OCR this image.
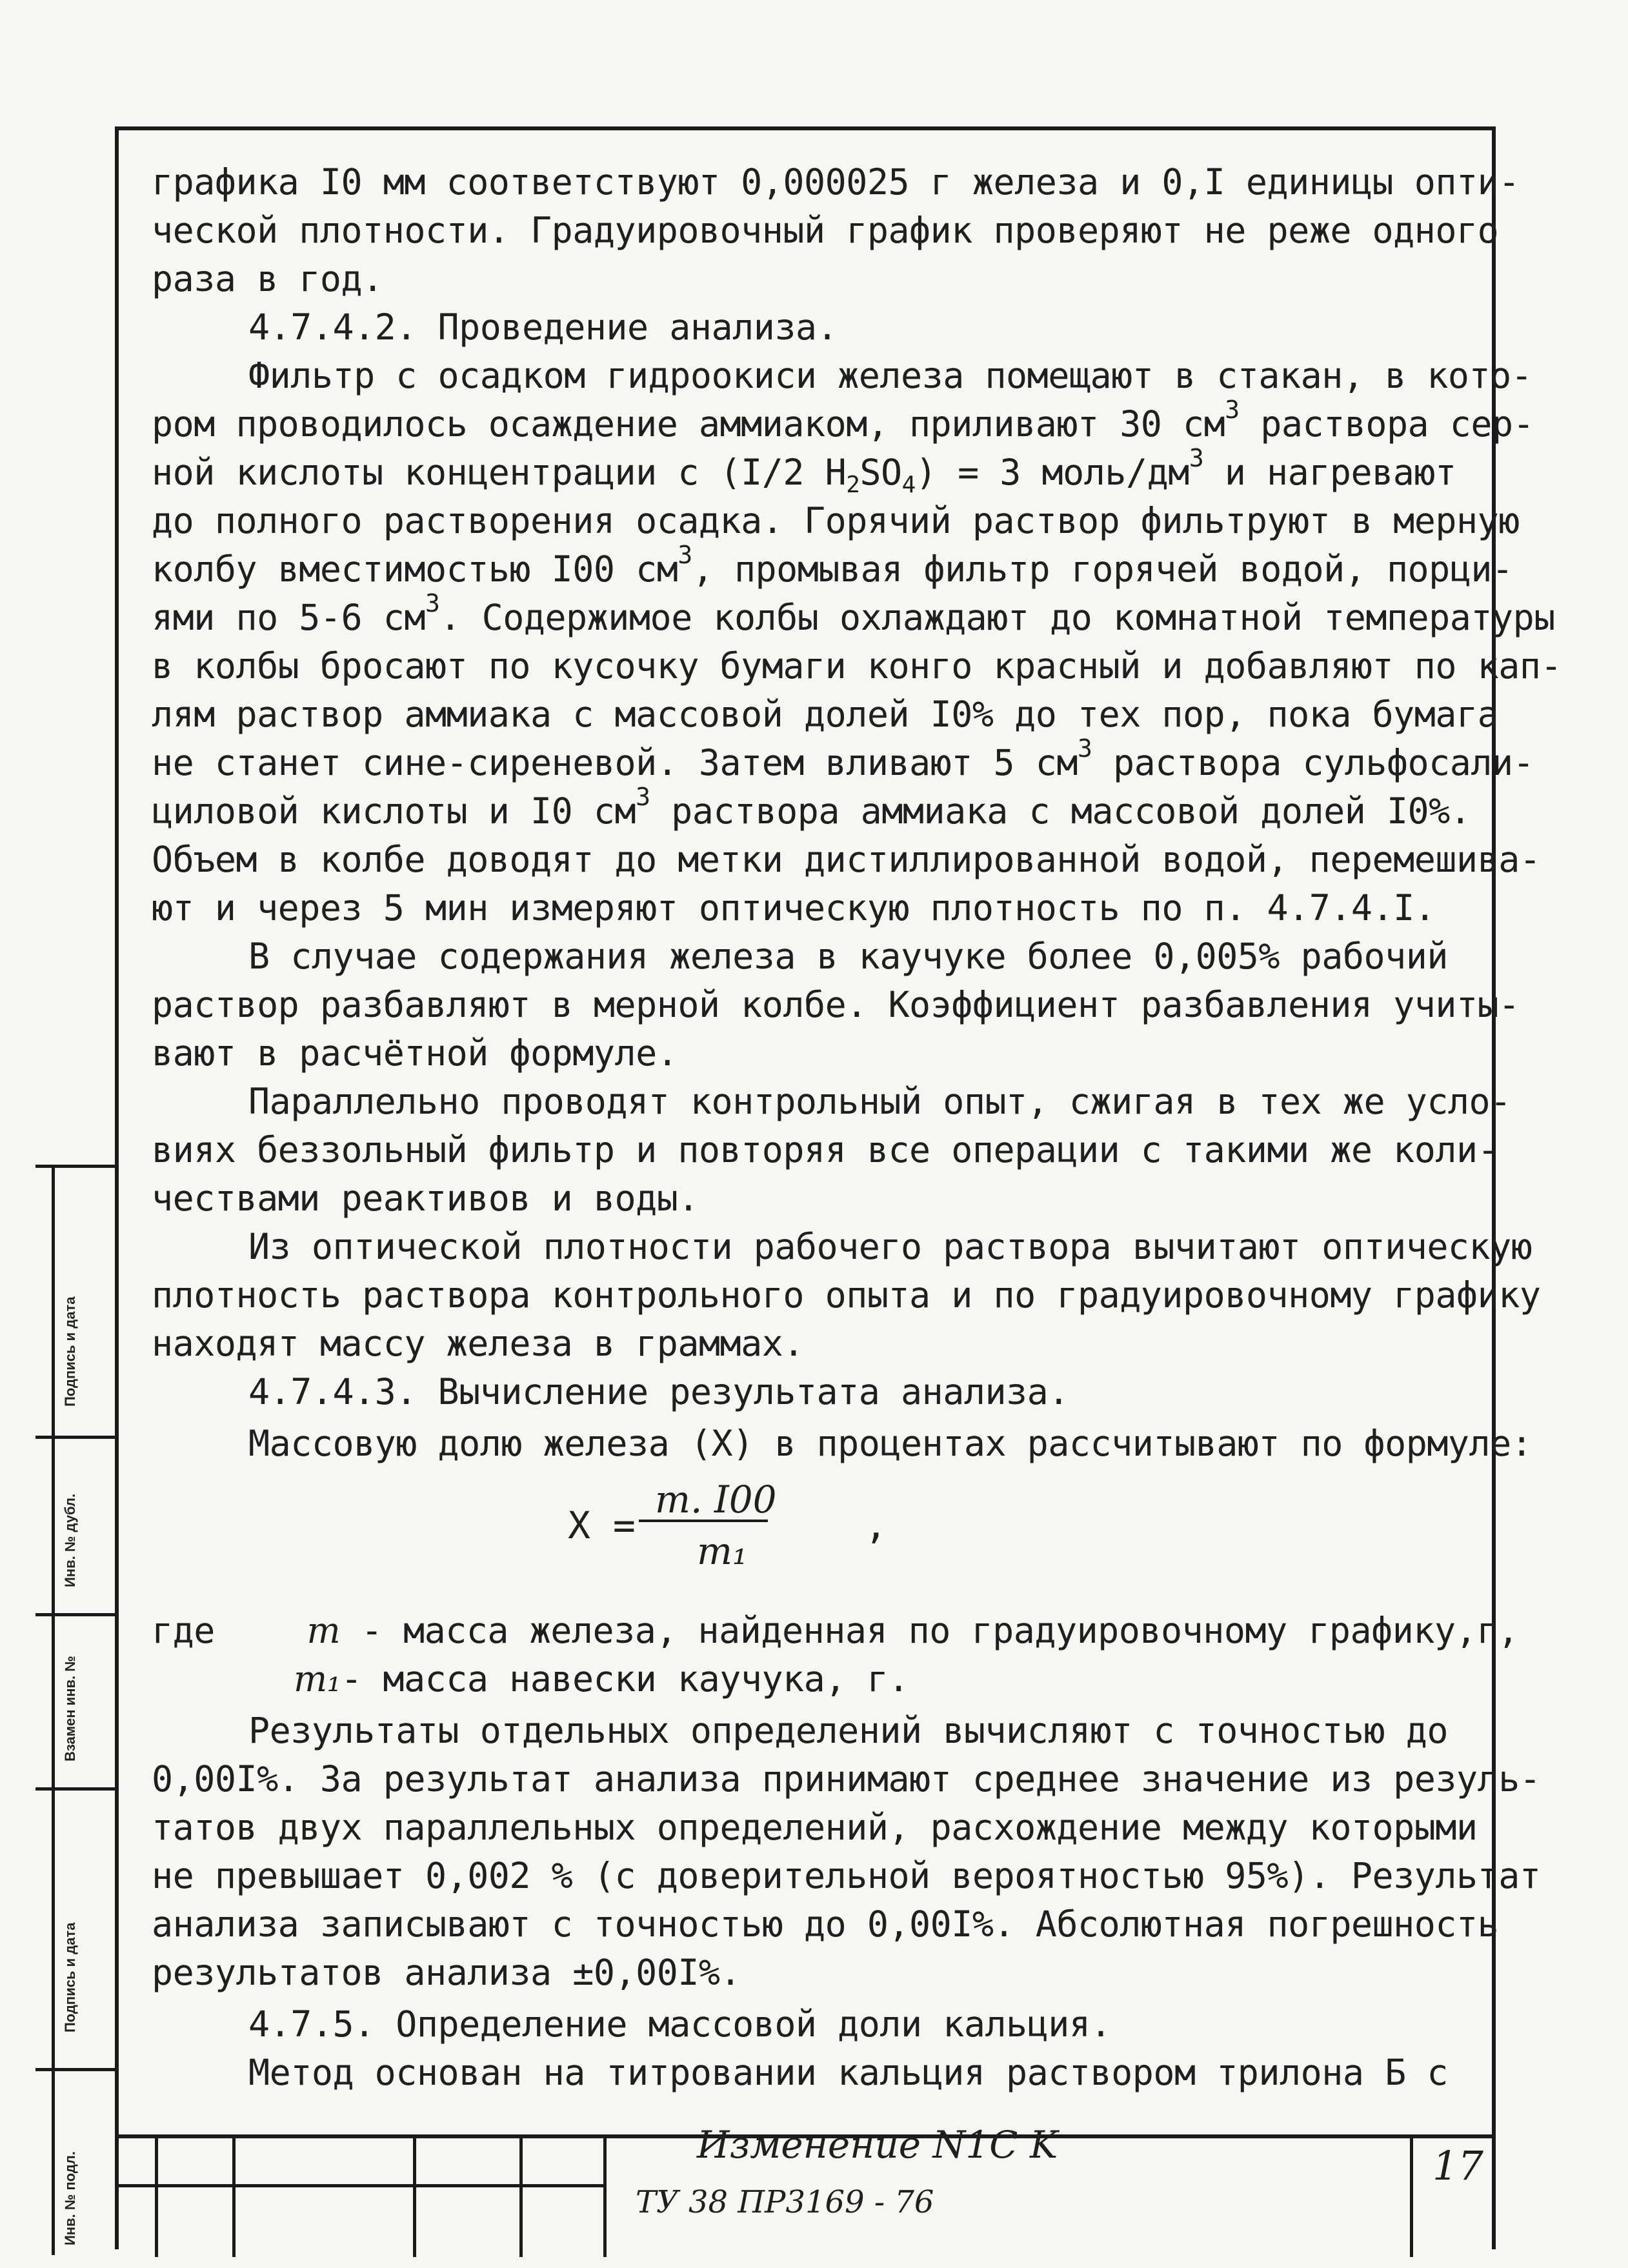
графика I0 мм соответствуют 0,000025 г железа и 0,I единицы опти-
ческой плотности. Градуировочный график проверяют не реже одного
раза в год.
4.7.4.2. Проведение анализа.
Фильтр с осадком гидроокиси железа помещают в стакан, в кото-
ром проводилось осаждение аммиаком, приливают 30 $см^3$ раствора сер-
ной кислоты концентрации с (I/2 $H_2SO_4) = 3$ моль/$дм^3$ и нагревают
до полного растворения осадка. Горячий раствор фильтруют в мерную
колбу вместимостью I00 $см^3$, промывая фильтр горячей водой, порци-
ями по 5-6 $см^3$. Содержимое колбы охлаждают до комнатной температуры
в колбы бросают по кусочку бумаги конго красный и добавляют по кап-
лям раствор аммиака с массовой долей I0% до тех пор, пока бумага
не станет сине-сиреневой. Затем вливают 5 $см^3$ раствора сульфосали-
циловой кислоты и I0 $см^3$ раствора аммиака с массовой долей I0%.
Объем в колбе доводят до метки дистиллированной водой, перемешива-
ют и через 5 мин измеряют оптическую плотность по п. 4.7.4.I.
В случае содержания железа в каучуке более 0,005% рабочий
раствор разбавляют в мерной колбе. Коэффициент разбавления учиты-
вают в расчётной формуле.
Параллельно проводят контрольный опыт, сжигая в тех же усло-
виях беззольный фильтр и повторяя все операции с такими же коли-
чествами реактивов и воды.
Из оптической плотности рабочего раствора вычитают оптическую
плотность раствора контрольного опыта и по градуировочному графику
находят массу железа в граммах.
4.7.4.3. Вычисление результата анализа.
Массовую долю железа (X) в процентах рассчитывают по формуле:
X =
m. I00
m₁
,
где	m - масса железа, найденная по градуировочному графику,г,
m₁- масса навески каучука, г.
Результаты отдельных определений вычисляют с точностью до
0,00I%. За результат анализа принимают среднее значение из резуль-
татов двух параллельных определений, расхождение между которыми
не превышает 0,002 % (с доверительной вероятностью 95%). Результат
анализа записывают с точностью до 0,00I%. Абсолютная погрешность
результатов анализа ±0,00I%.
4.7.5. Определение массовой доли кальция.
Метод основан на титровании кальция раствором трилона Б с
Подпись и дата
Инв. № дубл.
Взамен инв. №
Подпись и дата
Инв. № подл.
Изменение N1C K
ТУ 38 ПР3169 - 76
17
